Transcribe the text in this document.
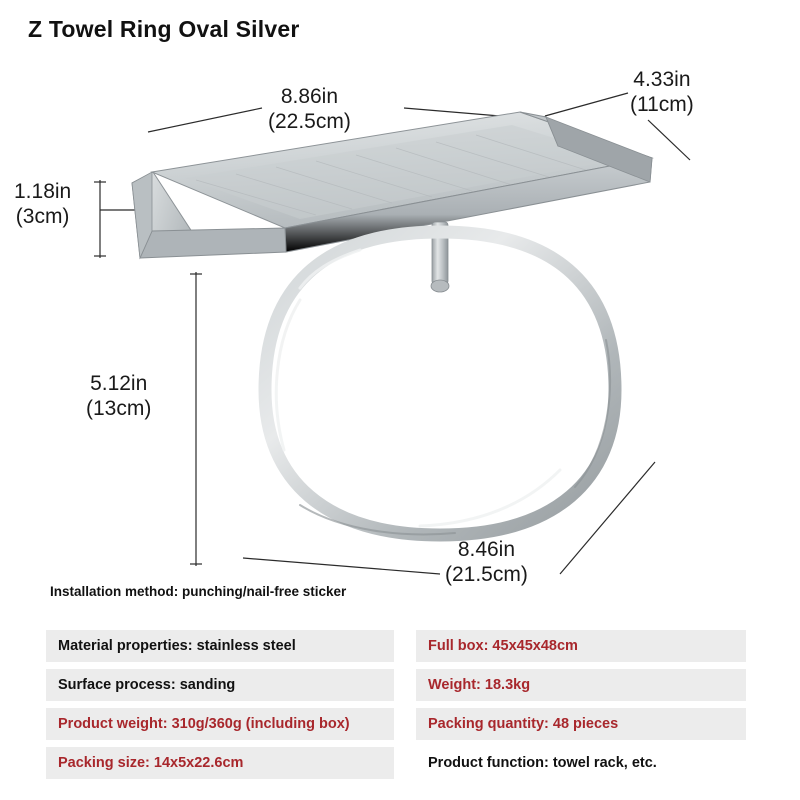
Z Towel Ring Oval Silver
8.86in
(22.5cm)
4.33in
(11cm)
1.18in
(3cm)
5.12in
(13cm)
8.46in
(21.5cm)
Installation method: punching/nail-free sticker
Material properties: stainless steel
Surface process: sanding
Product weight: 310g/360g (including box)
Packing size: 14x5x22.6cm
Full box: 45x45x48cm
Weight: 18.3kg
Packing quantity: 48 pieces
Product function: towel rack, etc.
